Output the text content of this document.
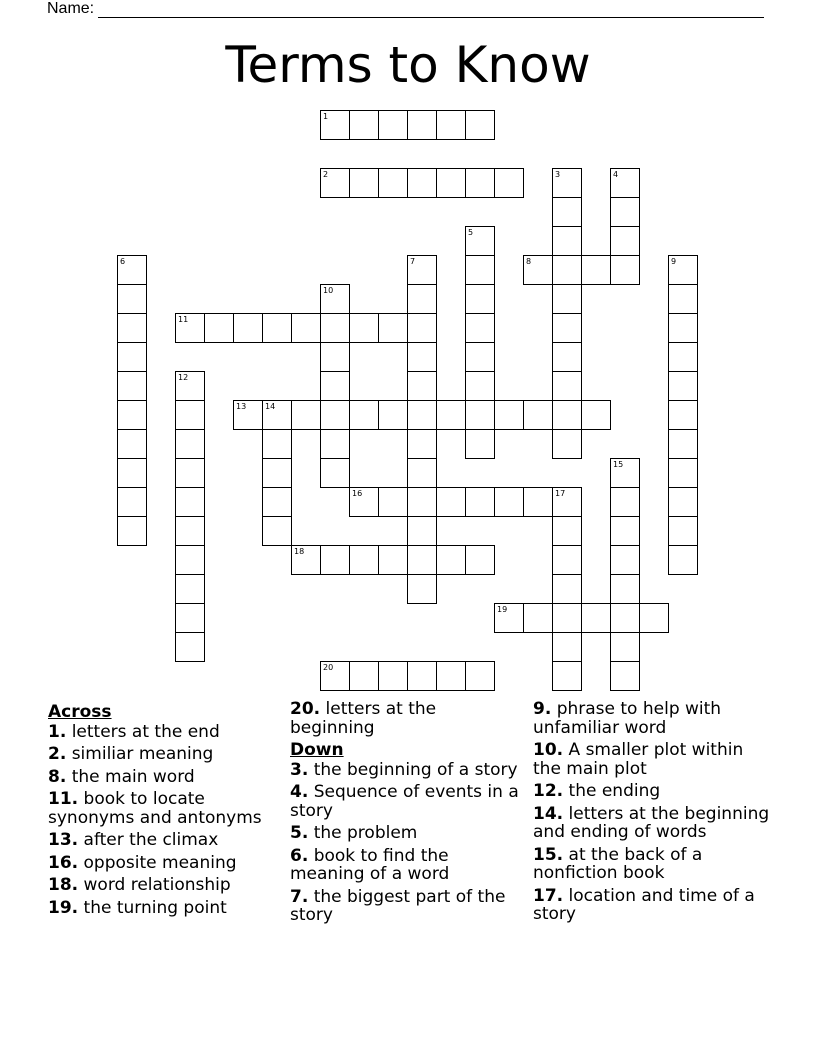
Name:
Terms to Know
1
2	3	4
5
6	7	8	9
10
11
12
13 14
15
16	17
18
19
20
Across
1. letters at the end
2. similiar meaning
8. the main word
11. book to locate synonyms and antonyms
13. after the climax
16. opposite meaning
18. word relationship
19. the turning point
20. letters at the beginning
Down
3. the beginning of a story
4. Sequence of events in a story
5. the problem
6. book to find the meaning of a word
7. the biggest part of the story
9. phrase to help with unfamiliar word
10. A smaller plot within the main plot
12. the ending
14. letters at the beginning and ending of words
15. at the back of a nonfiction book
17. location and time of a story
